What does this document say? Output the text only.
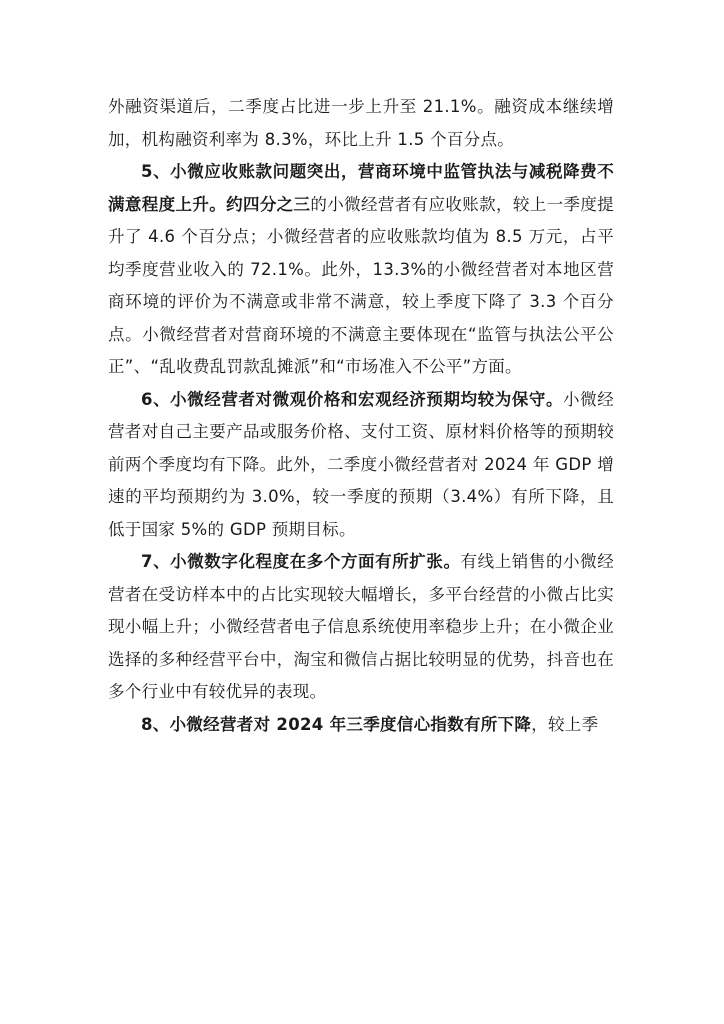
外融资渠道后，二季度占比进一步上升至 21.1%。融资成本继续增加，机构融资利率为 8.3%，环比上升 1.5 个百分点。

5、小微应收账款问题突出，营商环境中监管执法与减税降费不满意程度上升。约四分之三的小微经营者有应收账款，较上一季度提升了 4.6 个百分点；小微经营者的应收账款均值为 8.5 万元，占平均季度营业收入的 72.1%。此外，13.3%的小微经营者对本地区营商环境的评价为不满意或非常不满意，较上季度下降了 3.3 个百分点。小微经营者对营商环境的不满意主要体现在“监管与执法公平公正”、“乱收费乱罚款乱摊派”和“市场准入不公平”方面。

6、小微经营者对微观价格和宏观经济预期均较为保守。小微经营者对自己主要产品或服务价格、支付工资、原材料价格等的预期较前两个季度均有下降。此外，二季度小微经营者对 2024 年 GDP 增速的平均预期约为 3.0%，较一季度的预期（3.4%）有所下降，且低于国家 5%的 GDP 预期目标。

7、小微数字化程度在多个方面有所扩张。有线上销售的小微经营者在受访样本中的占比实现较大幅增长，多平台经营的小微占比实现小幅上升；小微经营者电子信息系统使用率稳步上升；在小微企业选择的多种经营平台中，淘宝和微信占据比较明显的优势，抖音也在多个行业中有较优异的表现。

8、小微经营者对 2024 年三季度信心指数有所下降，较上季
